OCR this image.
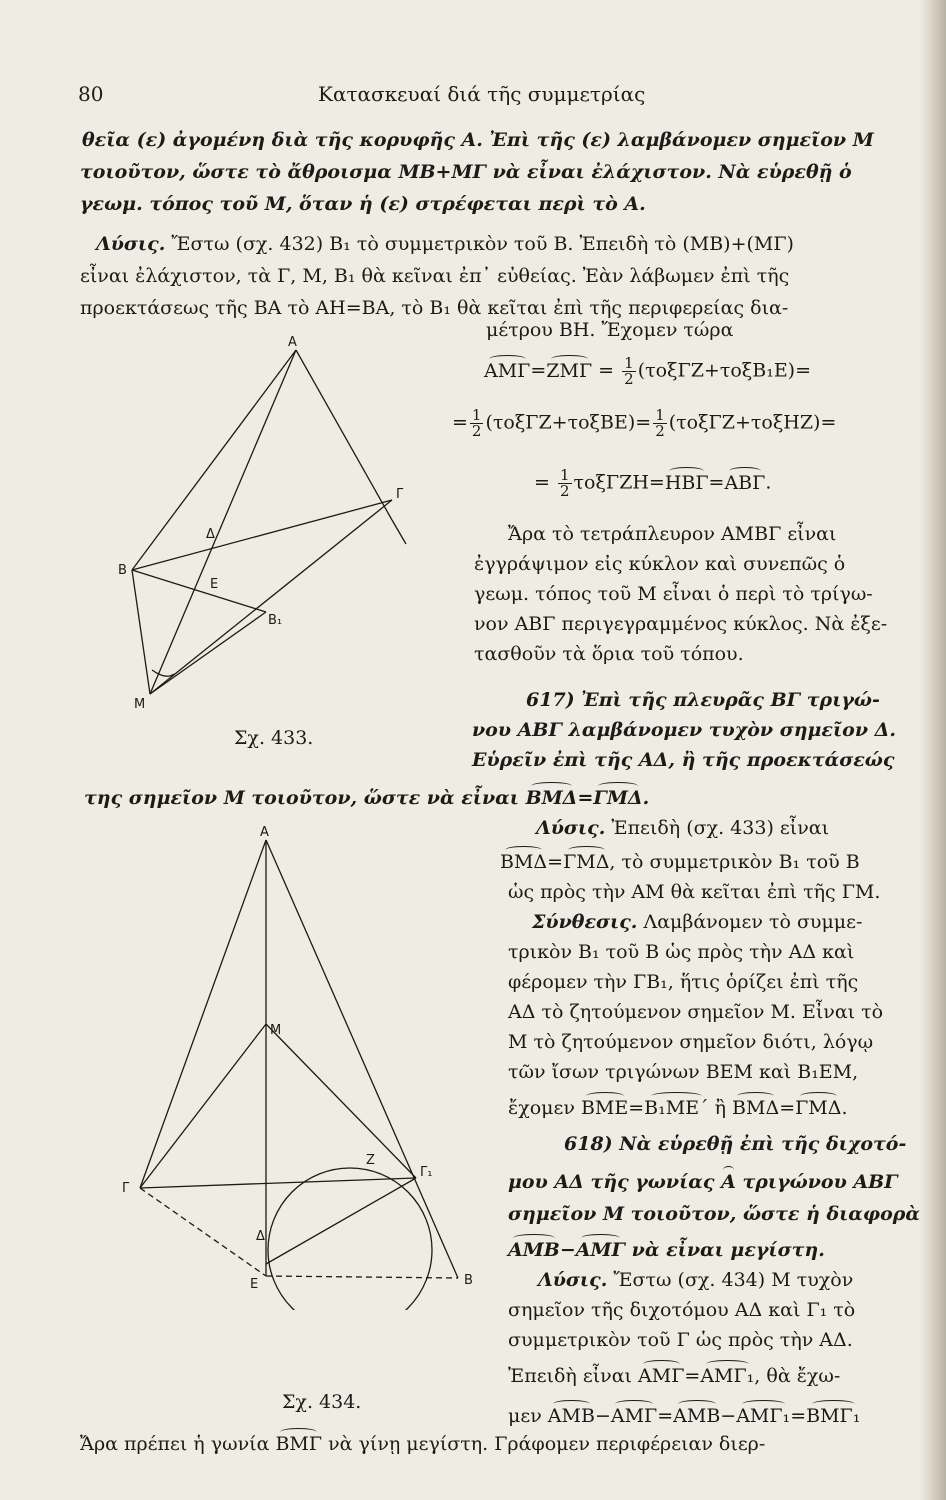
80	Κατασκευαί διά τῆς συμμετρίας
θεῖα (ε) ἀγομένη διὰ τῆς κορυφῆς Α. Ἐπὶ τῆς (ε) λαμβάνομεν σημεῖον Μ
τοιοῦτον, ὥστε τὸ ἄθροισμα ΜΒ+ΜΓ νὰ εἶναι ἐλάχιστον. Νὰ εὑρεθῇ ὁ
γεωμ. τόπος τοῦ Μ, ὅταν ἡ (ε) στρέφεται περὶ τὸ Α.
Λύσις. Ἔστω (σχ. 432) Β₁ τὸ συμμετρικὸν τοῦ Β. Ἐπειδὴ τὸ (ΜΒ)+(ΜΓ)
εἶναι ἐλάχιστον, τὰ Γ, Μ, Β₁ θὰ κεῖναι ἐπ᾽ εὐθείας. Ἐὰν λάβωμεν ἐπὶ τῆς
προεκτάσεως τῆς ΒΑ τὸ ΑΗ=ΒΑ, τὸ Β₁ θὰ κεῖται ἐπὶ τῆς περιφερείας δια-
μέτρου ΒΗ. Ἔχομεν τώρα
$AM\Gamma=ZM\Gamma = \frac{1}{2} (\tau o\xi\Gamma Z+\tau o\xi B_1E)=$
= $\frac{1}{2} (\tau o\xi\Gamma Z+\tau o\xi BE)= \frac{1}{2} (\tau o\xi\Gamma Z+\tau o\xi HZ)=$
= $\frac{1}{2} \tau o\xi\Gamma ZH=HB\Gamma=AB\Gamma$.
Ἄρα τὸ τετράπλευρον ΑΜΒΓ εἶναι
ἐγγράψιμον εἰς κύκλον καὶ συνεπῶς ὁ
γεωμ. τόπος τοῦ Μ εἶναι ὁ περὶ τὸ τρίγω-
νον ΑΒΓ περιγεγραμμένος κύκλος. Νὰ ἐξε-
τασθοῦν τὰ ὅρια τοῦ τόπου.
617) Ἐπὶ τῆς πλευρᾶς ΒΓ τριγώ-
νου ΑΒΓ λαμβάνομεν τυχὸν σημεῖον Δ.
Εὑρεῖν ἐπὶ τῆς ΑΔ, ἢ τῆς προεκτάσεώς
της σημεῖον Μ τοιοῦτον, ὥστε νὰ εἶναι ΒΜΔ=ΓΜΔ.
Λύσις. Ἐπειδὴ (σχ. 433) εἶναι
ΒΜΔ=ΓΜΔ, τὸ συμμετρικὸν Β₁ τοῦ Β
ὡς πρὸς τὴν ΑΜ θὰ κεῖται ἐπὶ τῆς ΓΜ.
Σύνθεσις. Λαμβάνομεν τὸ συμμε-
τρικὸν Β₁ τοῦ Β ὡς πρὸς τὴν ΑΔ καὶ
φέρομεν τὴν ΓΒ₁, ἥτις ὁρίζει ἐπὶ τῆς
ΑΔ τὸ ζητούμενον σημεῖον Μ. Εἶναι τὸ
Μ τὸ ζητούμενον σημεῖον διότι, λόγῳ
τῶν ἴσων τριγώνων ΒΕΜ καὶ Β₁ΕΜ,
ἔχομεν ΒΜΕ=Β₁ΜΕ΄ ἢ ΒΜΔ=ΓΜΔ.
618) Νὰ εὑρεθῇ ἐπὶ τῆς διχοτό-
μου ΑΔ τῆς γωνίας Α τριγώνου ΑΒΓ
σημεῖον Μ τοιοῦτον, ὥστε ἡ διαφορὰ
ΑΜΒ−ΑΜΓ νὰ εἶναι μεγίστη.
Λύσις. Ἔστω (σχ. 434) Μ τυχὸν
σημεῖον τῆς διχοτόμου ΑΔ καὶ Γ₁ τὸ
συμμετρικὸν τοῦ Γ ὡς πρὸς τὴν ΑΔ.
Ἐπειδὴ εἶναι ΑΜΓ=ΑΜΓ₁, θὰ ἔχω-
μεν ΑΜΒ−ΑΜΓ=ΑΜΒ−ΑΜΓ₁=ΒΜΓ₁
Ἄρα πρέπει ἡ γωνία ΒΜΓ νὰ γίνῃ μεγίστη. Γράφομεν περιφέρειαν διερ-
Α
Β
Γ
Δ
Ε
Β₁
Μ
Σχ. 433.
Α
Μ
Ζ
Γ
Γ₁
Δ
Ε	Β
Σχ. 434.
